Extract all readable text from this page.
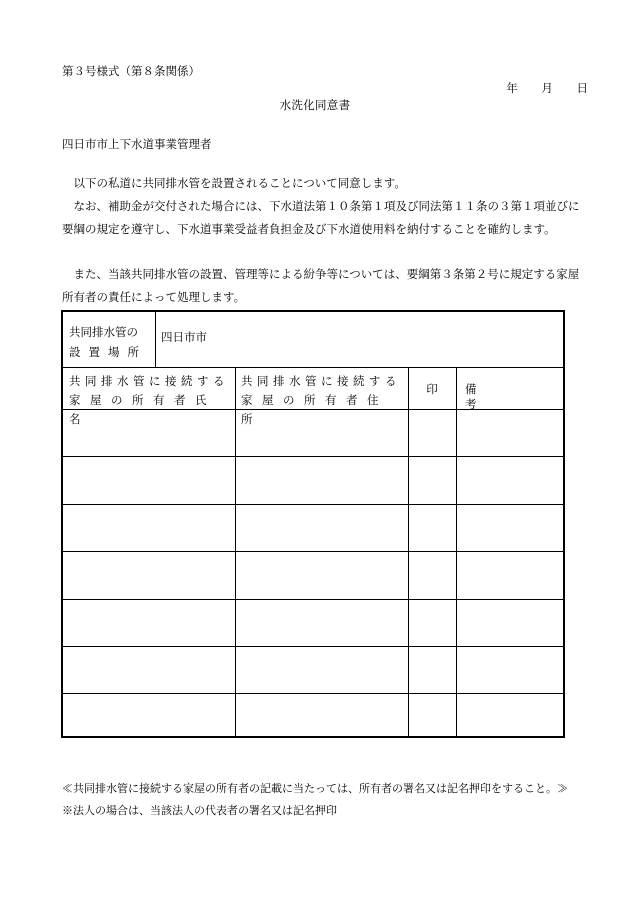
第３号様式（第８条関係）
年 月 日
水洗化同意書
四日市市上下水道事業管理者
以下の私道に共同排水管を設置されることについて同意します。
なお、補助金が交付された場合には、下水道法第１０条第１項及び同法第１１条の３第１項並びに要綱の規定を遵守し、下水道事業受益者負担金及び下水道使用料を納付することを確約します。
また、当該共同排水管の設置、管理等による紛争等については、要綱第３条第２号に規定する家屋所有者の責任によって処理します。
共同排水管の
設置場所
四日市市
共同排水管に接続する
家屋の所有者氏名
共同排水管に接続する
家屋の所有者住所
印	備考
≪共同排水管に接続する家屋の所有者の記載に当たっては、所有者の署名又は記名押印をすること。≫
※法人の場合は、当該法人の代表者の署名又は記名押印
